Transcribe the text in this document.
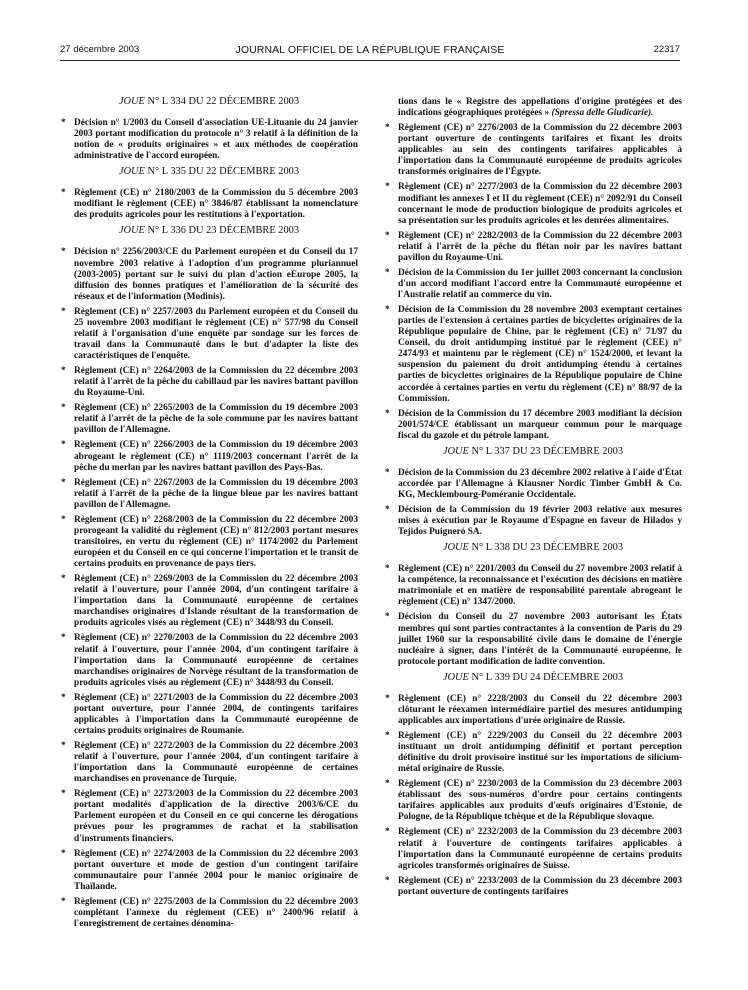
27 décembre 2003	JOURNAL OFFICIEL DE LA RÉPUBLIQUE FRANÇAISE	22317
JOUE N° L 334 DU 22 DÉCEMBRE 2003
* Décision n° 1/2003 du Conseil d'association UE-Lituanie du 24 janvier 2003 portant modification du protocole n° 3 relatif à la définition de la notion de « produits originaires » et aux méthodes de coopération administrative de l'accord européen.
JOUE N° L 335 DU 22 DÉCEMBRE 2003
* Règlement (CE) n° 2180/2003 de la Commission du 5 décembre 2003 modifiant le règlement (CEE) n° 3846/87 établissant la nomenclature des produits agricoles pour les restitutions à l'exportation.
JOUE N° L 336 DU 23 DÉCEMBRE 2003
* Décision n° 2256/2003/CE du Parlement européen et du Conseil du 17 novembre 2003 relative à l'adoption d'un programme pluriannuel (2003-2005) portant sur le suivi du plan d'action eEurope 2005, la diffusion des bonnes pratiques et l'amélioration de la sécurité des réseaux et de l'information (Modinis).
* Règlement (CE) n° 2257/2003 du Parlement européen et du Conseil du 25 novembre 2003 modifiant le règlement (CE) n° 577/98 du Conseil relatif à l'organisation d'une enquête par sondage sur les forces de travail dans la Communauté dans le but d'adapter la liste des caractéristiques de l'enquête.
* Règlement (CE) n° 2264/2003 de la Commission du 22 décembre 2003 relatif à l'arrêt de la pêche du cabillaud par les navires battant pavillon du Royaume-Uni.
* Règlement (CE) n° 2265/2003 de la Commission du 19 décembre 2003 relatif à l'arrêt de la pêche de la sole commune par les navires battant pavillon de l'Allemagne.
* Règlement (CE) n° 2266/2003 de la Commission du 19 décembre 2003 abrogeant le règlement (CE) n° 1119/2003 concernant l'arrêt de la pêche du merlan par les navires battant pavillon des Pays-Bas.
* Règlement (CE) n° 2267/2003 de la Commission du 19 décembre 2003 relatif à l'arrêt de la pêche de la lingue bleue par les navires battant pavillon de l'Allemagne.
* Règlement (CE) n° 2268/2003 de la Commission du 22 décembre 2003 prorogeant la validité du règlement (CE) n° 812/2003 portant mesures transitoires, en vertu du règlement (CE) n° 1174/2002 du Parlement européen et du Conseil en ce qui concerne l'importation et le transit de certains produits en provenance de pays tiers.
* Règlement (CE) n° 2269/2003 de la Commission du 22 décembre 2003 relatif à l'ouverture, pour l'année 2004, d'un contingent tarifaire à l'importation dans la Communauté européenne de certaines marchandises originaires d'Islande résultant de la transformation de produits agricoles visés au règlement (CE) n° 3448/93 du Conseil.
* Règlement (CE) n° 2270/2003 de la Commission du 22 décembre 2003 relatif à l'ouverture, pour l'année 2004, d'un contingent tarifaire à l'importation dans la Communauté européenne de certaines marchandises originaires de Norvège résultant de la transformation de produits agricoles visés au règlement (CE) n° 3448/93 du Conseil.
* Règlement (CE) n° 2271/2003 de la Commission du 22 décembre 2003 portant ouverture, pour l'année 2004, de contingents tarifaires applicables à l'importation dans la Communauté européenne de certains produits originaires de Roumanie.
* Règlement (CE) n° 2272/2003 de la Commission du 22 décembre 2003 relatif à l'ouverture, pour l'année 2004, d'un contingent tarifaire à l'importation dans la Communauté européenne de certaines marchandises en provenance de Turquie.
* Règlement (CE) n° 2273/2003 de la Commission du 22 décembre 2003 portant modalités d'application de la directive 2003/6/CE du Parlement européen et du Conseil en ce qui concerne les dérogations prévues pour les programmes de rachat et la stabilisation d'instruments financiers.
* Règlement (CE) n° 2274/2003 de la Commission du 22 décembre 2003 portant ouverture et mode de gestion d'un contingent tarifaire communautaire pour l'année 2004 pour le manioc originaire de Thaïlande.
* Règlement (CE) n° 2275/2003 de la Commission du 22 décembre 2003 complétant l'annexe du règlement (CEE) n° 2400/96 relatif à l'enregistrement de certaines dénomina-
tions dans le « Registre des appellations d'origine protégées et des indications géographiques protégées » (Spressa delle Giudicarie).
* Règlement (CE) n° 2276/2003 de la Commission du 22 décembre 2003 portant ouverture de contingents tarifaires et fixant les droits applicables au sein des contingents tarifaires applicables à l'importation dans la Communauté européenne de produits agricoles transformés originaires de l'Égypte.
* Règlement (CE) n° 2277/2003 de la Commission du 22 décembre 2003 modifiant les annexes I et II du règlement (CEE) n° 2092/91 du Conseil concernant le mode de production biologique de produits agricoles et sa présentation sur les produits agricoles et les denrées alimentaires.
* Règlement (CE) n° 2282/2003 de la Commission du 22 décembre 2003 relatif à l'arrêt de la pêche du flétan noir par les navires battant pavillon du Royaume-Uni.
* Décision de la Commission du 1er juillet 2003 concernant la conclusion d'un accord modifiant l'accord entre la Communauté européenne et l'Australie relatif au commerce du vin.
* Décision de la Commission du 28 novembre 2003 exemptant certaines parties de l'extension à certaines parties de bicyclettes originaires de la République populaire de Chine, par le règlement (CE) n° 71/97 du Conseil, du droit antidumping institué par le règlement (CEE) n° 2474/93 et maintenu par le règlement (CE) n° 1524/2000, et levant la suspension du paiement du droit antidumping étendu à certaines parties de bicyclettes originaires de la République populaire de Chine accordée à certaines parties en vertu du règlement (CE) n° 88/97 de la Commission.
* Décision de la Commission du 17 décembre 2003 modifiant la décision 2001/574/CE établissant un marqueur commun pour le marquage fiscal du gazole et du pétrole lampant.
JOUE N° L 337 DU 23 DÉCEMBRE 2003
* Décision de la Commission du 23 décembre 2002 relative à l'aide d'État accordée par l'Allemagne à Klausner Nordic Timber GmbH & Co. KG, Mecklembourg-Poméranie Occidentale.
* Décision de la Commission du 19 février 2003 relative aux mesures mises à exécution par le Royaume d'Espagne en faveur de Hilados y Tejidos Puigneró SA.
JOUE N° L 338 DU 23 DÉCEMBRE 2003
* Règlement (CE) n° 2201/2003 du Conseil du 27 novembre 2003 relatif à la compétence, la reconnaissance et l'exécution des décisions en matière matrimoniale et en matière de responsabilité parentale abrogeant le règlement (CE) n° 1347/2000.
* Décision du Conseil du 27 novembre 2003 autorisant les États membres qui sont parties contractantes à la convention de Paris du 29 juillet 1960 sur la responsabilité civile dans le domaine de l'énergie nucléaire à signer, dans l'intérêt de la Communauté européenne, le protocole portant modification de ladite convention.
JOUE N° L 339 DU 24 DÉCEMBRE 2003
* Règlement (CE) n° 2228/2003 du Conseil du 22 décembre 2003 clôturant le réexamen intermédiaire partiel des mesures antidumping applicables aux importations d'urée originaire de Russie.
* Règlement (CE) n° 2229/2003 du Conseil du 22 décembre 2003 instituant un droit antidumping définitif et portant perception définitive du droit provisoire institué sur les importations de silicium-métal originaire de Russie.
* Règlement (CE) n° 2230/2003 de la Commission du 23 décembre 2003 établissant des sous-numéros d'ordre pour certains contingents tarifaires applicables aux produits d'œufs originaires d'Estonie, de Pologne, de la République tchèque et de la République slovaque.
* Règlement (CE) n° 2232/2003 de la Commission du 23 décembre 2003 relatif à l'ouverture de contingents tarifaires applicables à l'importation dans la Communauté européenne de certains produits agricoles transformés originaires de Suisse.
* Règlement (CE) n° 2233/2003 de la Commission du 23 décembre 2003 portant ouverture de contingents tarifaires
